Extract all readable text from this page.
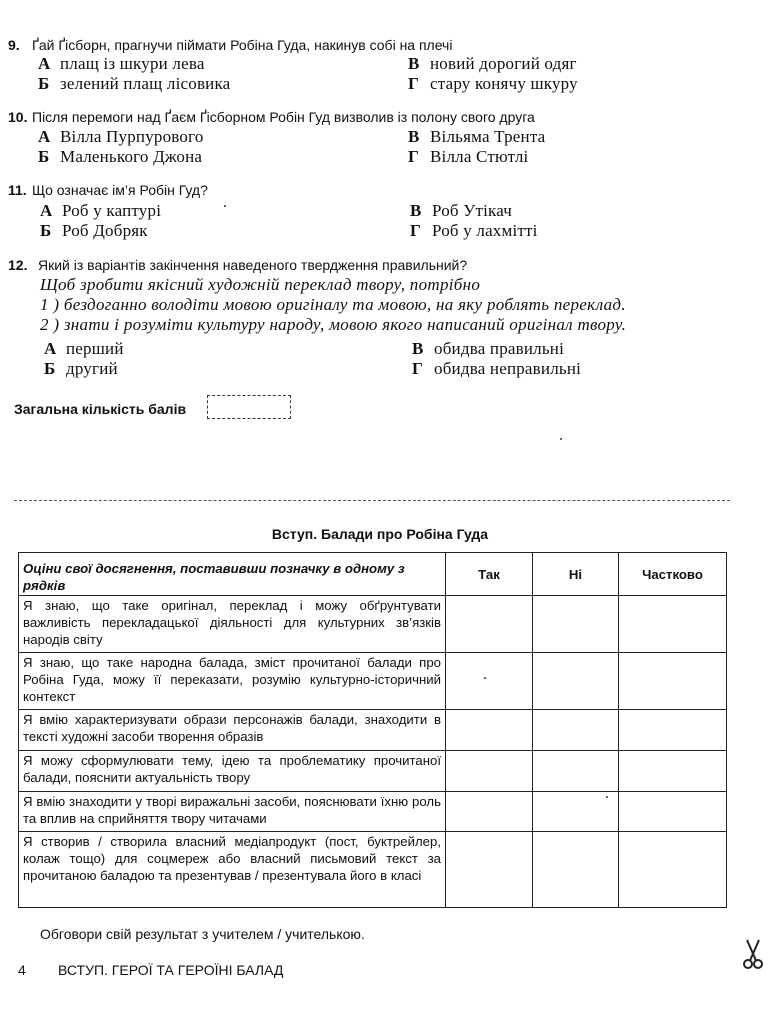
9. Ґай Ґісборн, прагнучи піймати Робіна Гуда, накинув собі на плечі
А плащ із шкури лева	В новий дорогий одяг
Б зелений плащ лісовика	Г стару конячу шкуру
10. Після перемоги над Ґаєм Ґісборном Робін Гуд визволив із полону свого друга
А Вілла Пурпурового	В Вільяма Трента
Б Маленького Джона	Г Вілла Стютлі
11. Що означає ім’я Робін Гуд?
А Роб у каптурі	В Роб Утікач
Б Роб Добряк	Г Роб у лахмітті
12. Який із варіантів закінчення наведеного твердження правильний?
Щоб зробити якісний художній переклад твору, потрібно
1 ) бездоганно володіти мовою оригіналу та мовою, на яку роблять переклад.
2 ) знати і розуміти культуру народу, мовою якого написаний оригінал твору.
А перший	В обидва правильні
Б другий	Г обидва неправильні
Загальна кількість балів
Вступ. Балади про Робіна Гуда
Оціни свої досягнення, поставивши позначку в одному з рядків	Так	Ні	Частково
Я знаю, що таке оригінал, переклад і можу обґрунтувати важливість перекладацької діяльності для культурних зв’язків народів світу			
Я знаю, що таке народна балада, зміст прочитаної балади про Робіна Гуда, можу її переказати, розумію культурно-історичний контекст			
Я вмію характеризувати образи персонажів балади, знаходити в тексті художні засоби творення образів			
Я можу сформулювати тему, ідею та проблематику прочитаної балади, пояснити актуальність твору			
Я вмію знаходити у творі виражальні засоби, пояснювати їхню роль та вплив на сприйняття твору читачами			
Я створив / створила власний медіапродукт (пост, буктрейлер, колаж тощо) для соцмереж або власний письмовий текст за прочитаною баладою та презентував / презентувала його в класі			
Обговори свій результат з учителем / учителькою.
4 ВСТУП. ГЕРОЇ ТА ГЕРОЇНІ БАЛАД
